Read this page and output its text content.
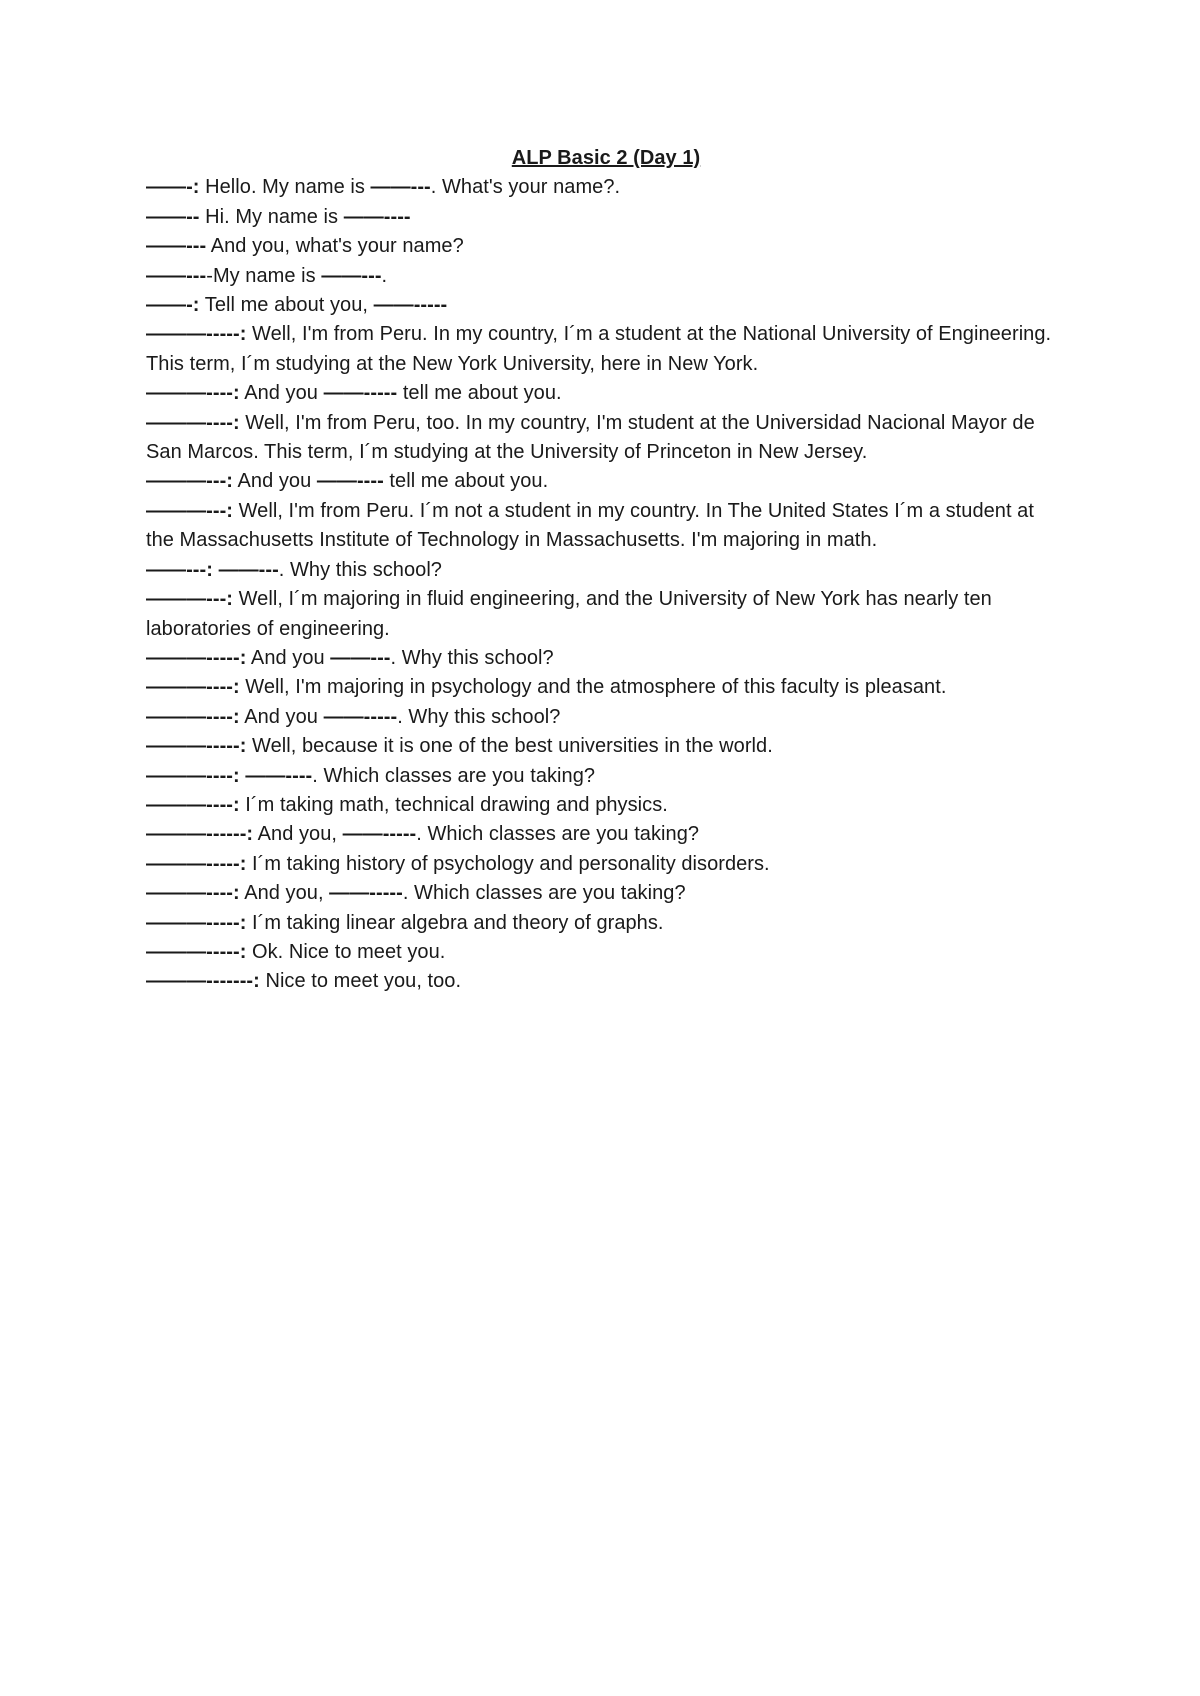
ALP Basic 2 (Day 1)

——-: Hello. My name is ——---. What's your name?.

——-- Hi. My name is ——----

——--- And you, what's your name?

——----My name is ——---.

——-: Tell me about you, ——-----

———-----: Well, I'm from Peru. In my country, I´m a student at the National University of Engineering. This term, I´m studying at the New York University, here in New York.

———----: And you ——----- tell me about you.

———----: Well, I'm from Peru, too. In my country, I'm student at the Universidad Nacional Mayor de San Marcos. This term, I´m studying at the University of Princeton in New Jersey.

———---: And you ——---- tell me about you.

———---: Well, I'm from Peru. I´m not a student in my country. In The United States I´m a student at the Massachusetts Institute of Technology in Massachusetts. I'm majoring in math.

——---: ——---. Why this school?

———---: Well, I´m majoring in fluid engineering, and the University of New York has nearly ten laboratories of engineering.

———-----: And you ——---. Why this school?

———----: Well, I'm majoring in psychology and the atmosphere of this faculty is pleasant.

———----: And you ——-----. Why this school?

———-----: Well, because it is one of the best universities in the world.

———----: ——----. Which classes are you taking?

———----: I´m taking math, technical drawing and physics.

———------: And you, ——-----. Which classes are you taking?

———-----: I´m taking history of psychology and personality disorders.

———----: And you, ——-----. Which classes are you taking?

———-----: I´m taking linear algebra and theory of graphs.

———-----: Ok. Nice to meet you.

———-------: Nice to meet you, too.
